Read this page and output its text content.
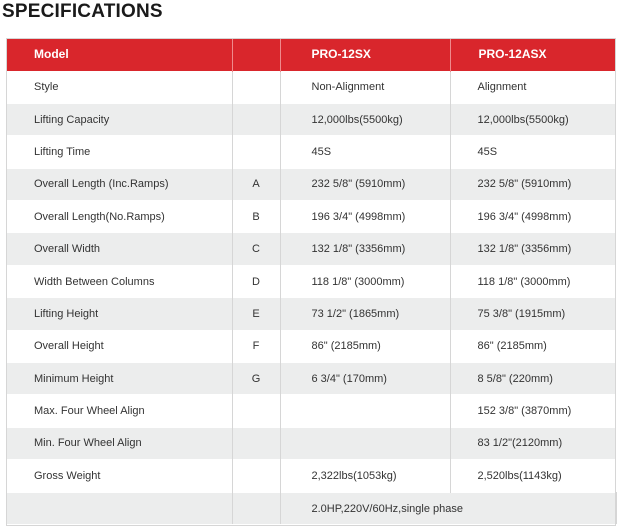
SPECIFICATIONS
Model		PRO-12SX	PRO-12ASX
Style		Non-Alignment	Alignment
Lifting Capacity		12,000lbs(5500kg)	12,000lbs(5500kg)
Lifting Time		45S	45S
Overall Length (Inc.Ramps)	A	232 5/8" (5910mm)	232 5/8" (5910mm)
Overall Length(No.Ramps)	B	196 3/4" (4998mm)	196 3/4" (4998mm)
Overall Width	C	132 1/8" (3356mm)	132 1/8" (3356mm)
Width Between Columns	D	118 1/8" (3000mm)	118 1/8" (3000mm)
Lifting Height	E	73 1/2" (1865mm)	75 3/8" (1915mm)
Overall Height	F	86" (2185mm)	86" (2185mm)
Minimum Height	G	6 3/4" (170mm)	8 5/8" (220mm)
Max. Four Wheel Align			152 3/8" (3870mm)
Min. Four Wheel Align			83 1/2"(2120mm)
Gross Weight		2,322lbs(1053kg)	2,520lbs(1143kg)
		2.0HP,220V/60Hz,single phase	
